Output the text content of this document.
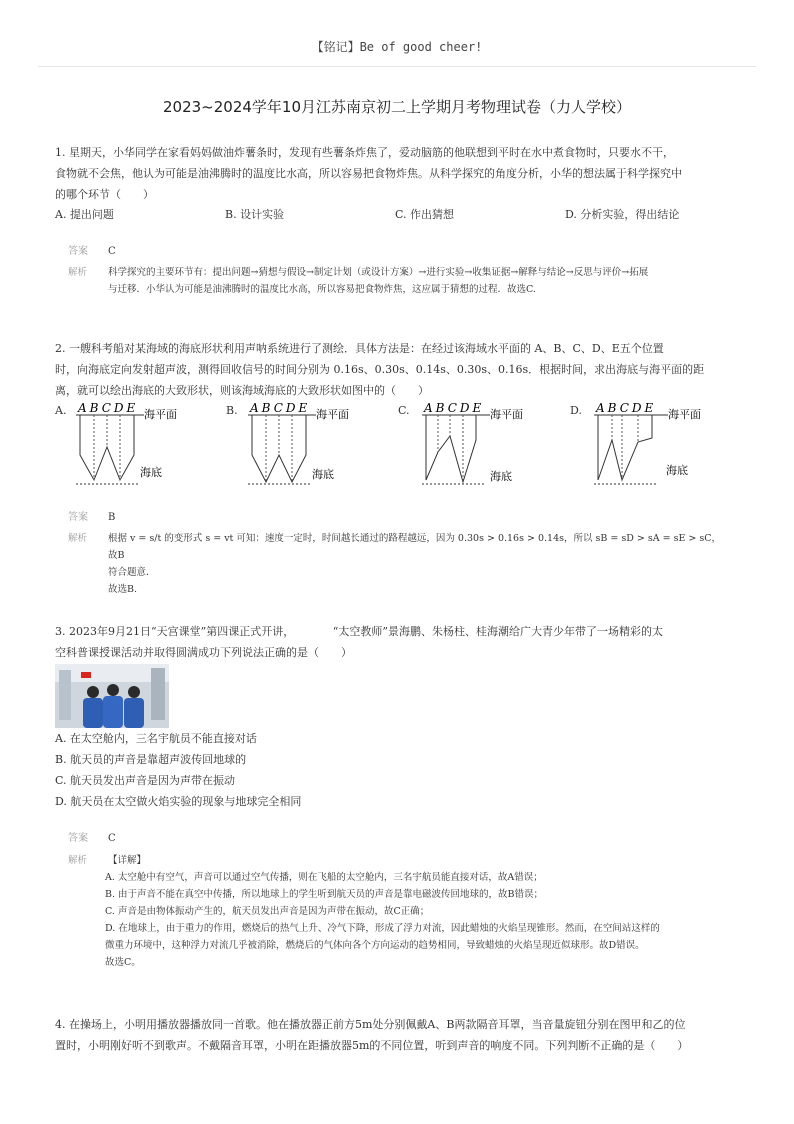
【铭记】Be of good cheer!
2023~2024学年10月江苏南京初二上学期月考物理试卷（力人学校）
1. 星期天，小华同学在家看妈妈做油炸薯条时，发现有些薯条炸焦了，爱动脑筋的他联想到平时在水中煮食物时，只要水不干，
食物就不会焦，他认为可能是油沸腾时的温度比水高，所以容易把食物炸焦。从科学探究的角度分析，小华的想法属于科学探究中
的哪个环节（　　）
A. 提出问题	B. 设计实验	C. 作出猜想	D. 分析实验，得出结论
答案 C
解析	科学探究的主要环节有：提出问题→猜想与假设→制定计划（或设计方案）→进行实验→收集证据→解释与结论→反思与评价→拓展
与迁移．小华认为可能是油沸腾时的温度比水高，所以容易把食物炸焦，这应属于猜想的过程．故选C.
2. 一艘科考船对某海域的海底形状利用声呐系统进行了测绘．具体方法是：在经过该海域水平面的 A、B、C、D、E五个位置
时，向海底定向发射超声波，测得回收信号的时间分别为 0.16s、0.30s、0.14s、0.30s、0.16s．根据时间，求出海底与海平面的距
离，就可以绘出海底的大致形状，则该海域海底的大致形状如图中的（　　）
A. ABCDE 海平面
海底
B.	ABCDE 海平面
海底
C.	ABCDE 海平面
海底
D.	ABCDE 海平面
海底
答案 B
解析	根据 v = s/t 的变形式 s = vt 可知：速度一定时，时间越长通过的路程越远，因为 0.30s > 0.16s > 0.14s，所以 sB = sD > sA = sE > sC，故B
符合题意．
故选B.
3. 2023年9月21日“天宫课堂”第四课正式开讲，　　　　“太空教师”景海鹏、朱杨柱、桂海潮给广大青少年带了一场精彩的太
空科普课授课活动并取得圆满成功下列说法正确的是（　　）
A. 在太空舱内，三名宇航员不能直接对话
B. 航天员的声音是靠超声波传回地球的
C. 航天员发出声音是因为声带在振动
D. 航天员在太空做火焰实验的现象与地球完全相同
答案 C
解析	【详解】
A. 太空舱中有空气，声音可以通过空气传播，则在飞船的太空舱内，三名宇航员能直接对话，故A错误；
B. 由于声音不能在真空中传播，所以地球上的学生听到航天员的声音是靠电磁波传回地球的，故B错误；
C. 声音是由物体振动产生的，航天员发出声音是因为声带在振动，故C正确；
D. 在地球上，由于重力的作用，燃烧后的热气上升、冷气下降，形成了浮力对流，因此蜡烛的火焰呈现锥形。然而，在空间站这样的
微重力环境中，这种浮力对流几乎被消除，燃烧后的气体向各个方向运动的趋势相同，导致蜡烛的火焰呈现近似球形。故D错误。
故选C。
4. 在操场上，小明用播放器播放同一首歌。他在播放器正前方5m处分别佩戴A、B两款隔音耳罩，当音量旋钮分别在图甲和乙的位
置时，小明刚好听不到歌声。不戴隔音耳罩，小明在距播放器5m的不同位置，听到声音的响度不同。下列判断不正确的是（　　）
